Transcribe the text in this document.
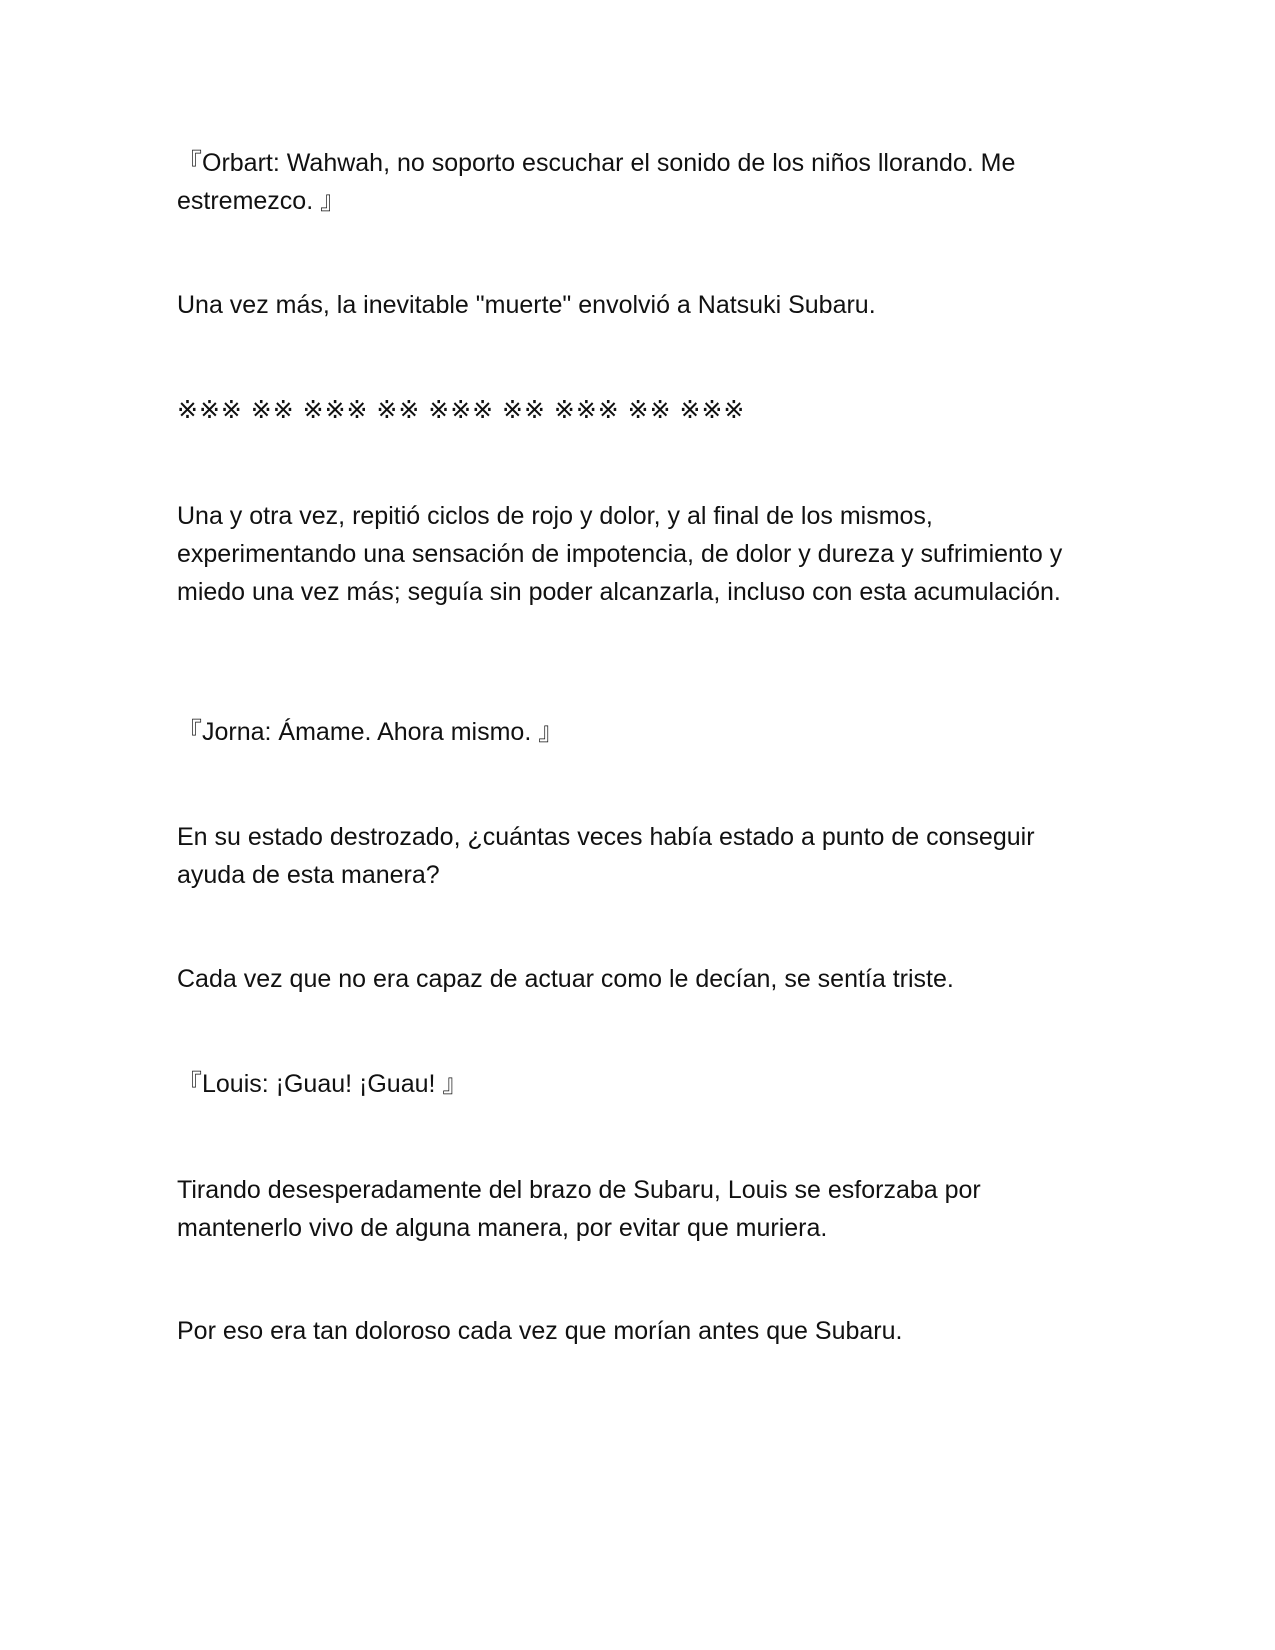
『Orbart: Wahwah, no soporto escuchar el sonido de los niños llorando. Me estremezco. 』

Una vez más, la inevitable "muerte" envolvió a Natsuki Subaru.

※※※ ※※ ※※※ ※※ ※※※ ※※ ※※※ ※※ ※※※

Una y otra vez, repitió ciclos de rojo y dolor, y al final de los mismos, experimentando una sensación de impotencia, de dolor y dureza y sufrimiento y miedo una vez más; seguía sin poder alcanzarla, incluso con esta acumulación.

『Jorna: Ámame. Ahora mismo. 』

En su estado destrozado, ¿cuántas veces había estado a punto de conseguir ayuda de esta manera?

Cada vez que no era capaz de actuar como le decían, se sentía triste.

『Louis: ¡Guau! ¡Guau! 』

Tirando desesperadamente del brazo de Subaru, Louis se esforzaba por mantenerlo vivo de alguna manera, por evitar que muriera.

Por eso era tan doloroso cada vez que morían antes que Subaru.
